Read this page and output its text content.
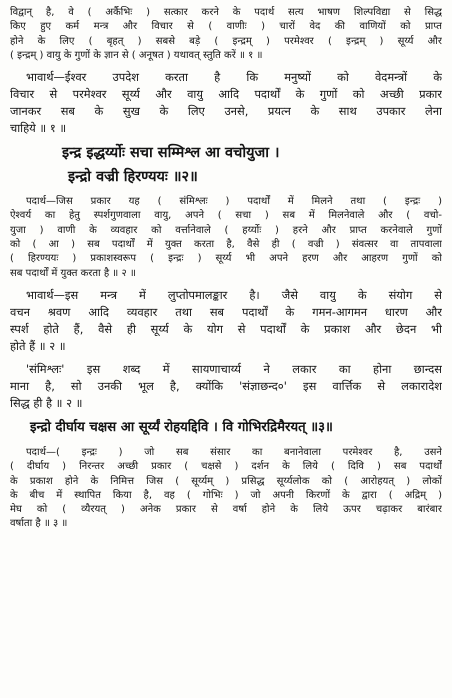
विद्वान् है, वे ( अर्कैभिः ) सत्कार करने के पदार्थ सत्य भाषण शिल्पविद्या से सिद्ध
किए हुए कर्म मन्त्र और विचार से ( वाणीः ) चारों वेद की वाणियों को प्राप्त
होने के लिए ( बृहत् ) सबसे बड़े ( इन्द्रम् ) परमेश्वर ( इन्द्रम् ) सूर्य्य और
( इन्द्रम् ) वायु के गुणों के ज्ञान से ( अनूषत ) यथावत् स्तुति करें ॥ १ ॥
भावार्थ—ईश्वर उपदेश करता है कि मनुष्यों को वेदमन्त्रों के
विचार से परमेश्वर सूर्य्य और वायु आदि पदार्थों के गुणों को अच्छी प्रकार
जानकर सब के सुख के लिए उनसे, प्रयत्न के साथ उपकार लेना
चाहिये ॥ १ ॥
इन्द्र इद्धर्य्योः सचा सम्मिश्ल आ वचोयुजा ।
इन्द्रो वज्री हिरण्ययः ॥२॥
पदार्थ—जिस प्रकार यह ( संमिश्लः ) पदार्थों में मिलने तथा ( इन्द्रः )
ऐश्वर्य का हेतु स्पर्शगुणवाला वायु, अपने ( सचा ) सब में मिलनेवाले और ( वचो-
युजा ) वाणी के व्यवहार को वर्त्तानेवाले ( हर्य्योः ) हरने और प्राप्त करनेवाले गुणों
को ( आ ) सब पदार्थों में युक्त करता है, वैसे ही ( वज्री ) संवत्सर वा तापवाला
( हिरण्ययः ) प्रकाशस्वरूप ( इन्द्रः ) सूर्य्य भी अपने हरण और आहरण गुणों को
सब पदार्थों में युक्त करता है ॥ २ ॥
भावार्थ—इस मन्त्र में लुप्तोपमालङ्कार है। जैसे वायु के संयोग से
वचन श्रवण आदि व्यवहार तथा सब पदार्थों के गमन-आगमन धारण और
स्पर्श होते हैं, वैसे ही सूर्य्य के योग से पदार्थों के प्रकाश और छेदन भी
होते हैं ॥ २ ॥
'संमिश्लः' इस शब्द में सायणाचार्य्य ने लकार का होना छान्दस
माना है, सो उनकी भूल है, क्योंकि 'संज्ञाछन्द०' इस वार्त्तिक से लकारादेश
सिद्ध ही है ॥ २ ॥
इन्द्रो दीर्घाय चक्षस आ सूर्य्यं रोहयद्दिवि । वि गोभिरद्रिमैरयत् ॥३॥
पदार्थ—( इन्द्रः ) जो सब संसार का बनानेवाला परमेश्वर है, उसने
( दीर्घाय ) निरन्तर अच्छी प्रकार ( चक्षसे ) दर्शन के लिये ( दिवि ) सब पदार्थों
के प्रकाश होने के निमित्त जिस ( सूर्य्यम् ) प्रसिद्ध सूर्य्यलोक को ( आरोहयत् ) लोकों
के बीच में स्थापित किया है, वह ( गोभिः ) जो अपनी किरणों के द्वारा ( अद्रिम् )
मेघ को ( व्यैरयत् ) अनेक प्रकार से वर्षा होने के लिये ऊपर चढ़ाकर बारंबार
वर्षाता है ॥ ३ ॥
